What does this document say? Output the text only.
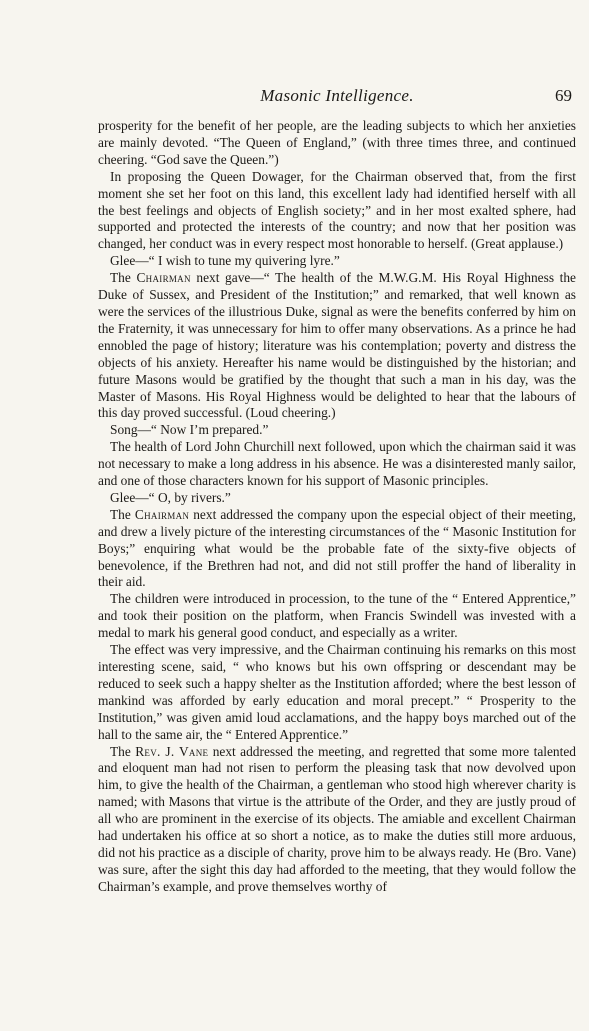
Masonic Intelligence.	69

prosperity for the benefit of her people, are the leading subjects to which her anxieties are mainly devoted. “The Queen of England,” (with three times three, and continued cheering. “God save the Queen.”)

In proposing the Queen Dowager, for the Chairman observed that, from the first moment she set her foot on this land, this excellent lady had identified herself with all the best feelings and objects of English society;” and in her most exalted sphere, had supported and protected the interests of the country; and now that her position was changed, her conduct was in every respect most honorable to herself. (Great applause.)

Glee—“ I wish to tune my quivering lyre.”

The Chairman next gave—“ The health of the M.W.G.M. His Royal Highness the Duke of Sussex, and President of the Institution;” and remarked, that well known as were the services of the illustrious Duke, signal as were the benefits conferred by him on the Fraternity, it was unnecessary for him to offer many observations. As a prince he had ennobled the page of history; literature was his contemplation; poverty and distress the objects of his anxiety. Hereafter his name would be distinguished by the historian; and future Masons would be gratified by the thought that such a man in his day, was the Master of Masons. His Royal Highness would be delighted to hear that the labours of this day proved successful. (Loud cheering.)

Song—“ Now I’m prepared.”

The health of Lord John Churchill next followed, upon which the chairman said it was not necessary to make a long address in his absence. He was a disinterested manly sailor, and one of those characters known for his support of Masonic principles.

Glee—“ O, by rivers.”

The Chairman next addressed the company upon the especial object of their meeting, and drew a lively picture of the interesting circumstances of the “ Masonic Institution for Boys;” enquiring what would be the probable fate of the sixty-five objects of benevolence, if the Brethren had not, and did not still proffer the hand of liberality in their aid.

The children were introduced in procession, to the tune of the “ Entered Apprentice,” and took their position on the platform, when Francis Swindell was invested with a medal to mark his general good conduct, and especially as a writer.

The effect was very impressive, and the Chairman continuing his remarks on this most interesting scene, said, “ who knows but his own offspring or descendant may be reduced to seek such a happy shelter as the Institution afforded; where the best lesson of mankind was afforded by early education and moral precept.” “ Prosperity to the Institution,” was given amid loud acclamations, and the happy boys marched out of the hall to the same air, the “ Entered Apprentice.”

The Rev. J. Vane next addressed the meeting, and regretted that some more talented and eloquent man had not risen to perform the pleasing task that now devolved upon him, to give the health of the Chairman, a gentleman who stood high wherever charity is named; with Masons that virtue is the attribute of the Order, and they are justly proud of all who are prominent in the exercise of its objects. The amiable and excellent Chairman had undertaken his office at so short a notice, as to make the duties still more arduous, did not his practice as a disciple of charity, prove him to be always ready. He (Bro. Vane) was sure, after the sight this day had afforded to the meeting, that they would follow the Chairman’s example, and prove themselves worthy of
